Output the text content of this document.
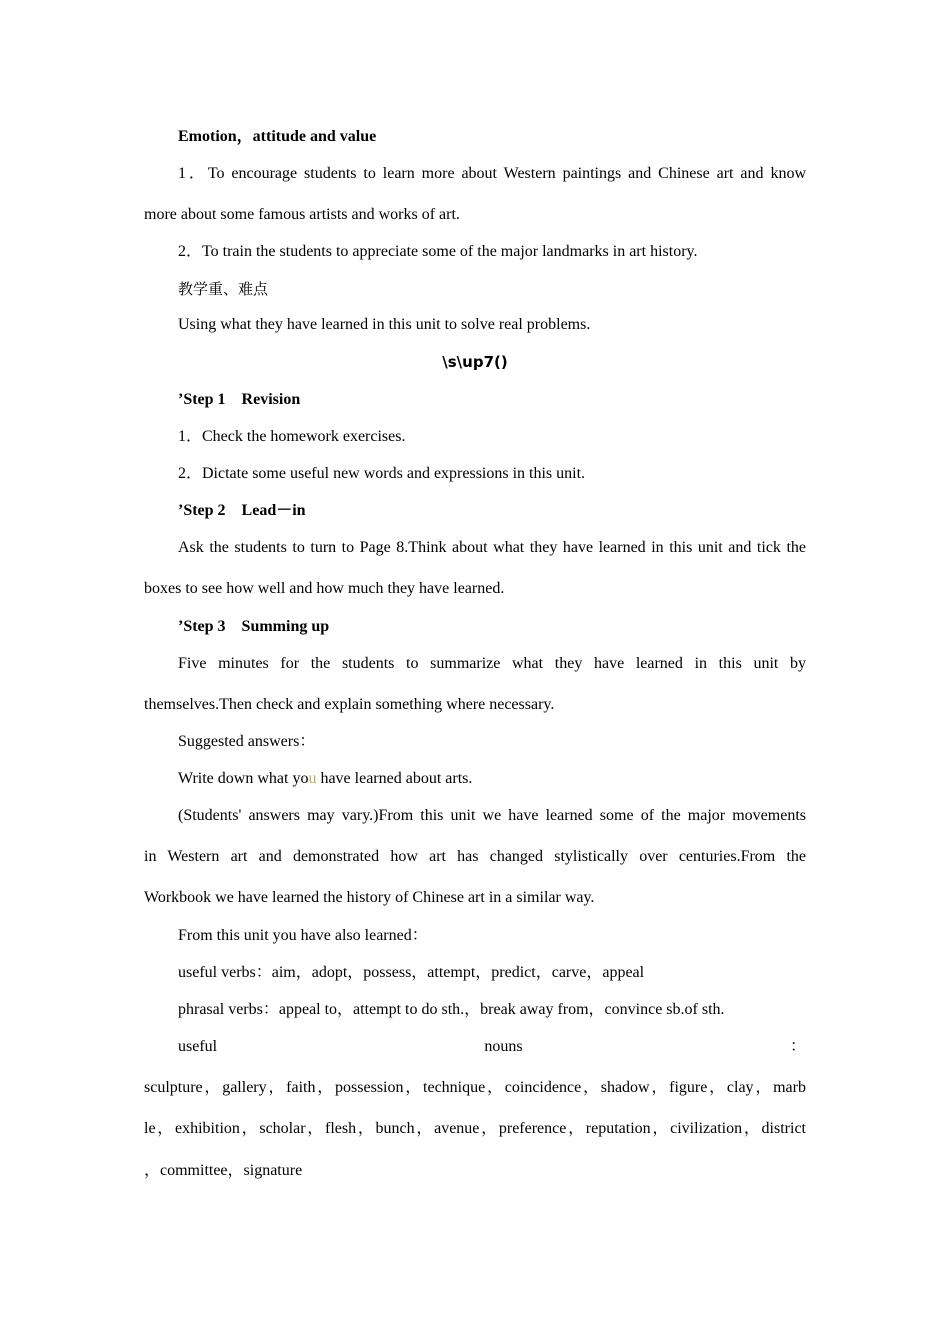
Emotion，attitude and value
1．To encourage students to learn more about Western paintings and Chinese art and know
more about some famous artists and works of art.
2．To train the students to appreciate some of the major landmarks in art history.
教学重、难点
Using what they have learned in this unit to solve real problems.
\s\up7()
ʼStep 1　Revision
1．Check the homework exercises.
2．Dictate some useful new words and expressions in this unit.
ʼStep 2　Lead－in
Ask the students to turn to Page 8.Think about what they have learned in this unit and tick the
boxes to see how well and how much they have learned.
ʼStep 3　Summing up
Five minutes for the students to summarize what they have learned in this unit by
themselves.Then check and explain something where necessary.
Suggested answers：
Write down what you have learned about arts.
(Students' answers may vary.)From this unit we have learned some of the major movements
in Western art and demonstrated how art has changed stylistically over centuries.From the
Workbook we have learned the history of Chinese art in a similar way.
From this unit you have also learned：
useful verbs：aim，adopt，possess，attempt，predict，carve，appeal
phrasal verbs：appeal to，attempt to do sth.，break away from，convince sb.of sth.
useful nouns ：
sculpture，gallery，faith，possession，technique，coincidence，shadow，figure，clay，marb
le，exhibition，scholar，flesh，bunch，avenue，preference，reputation，civilization，district
，committee，signature
